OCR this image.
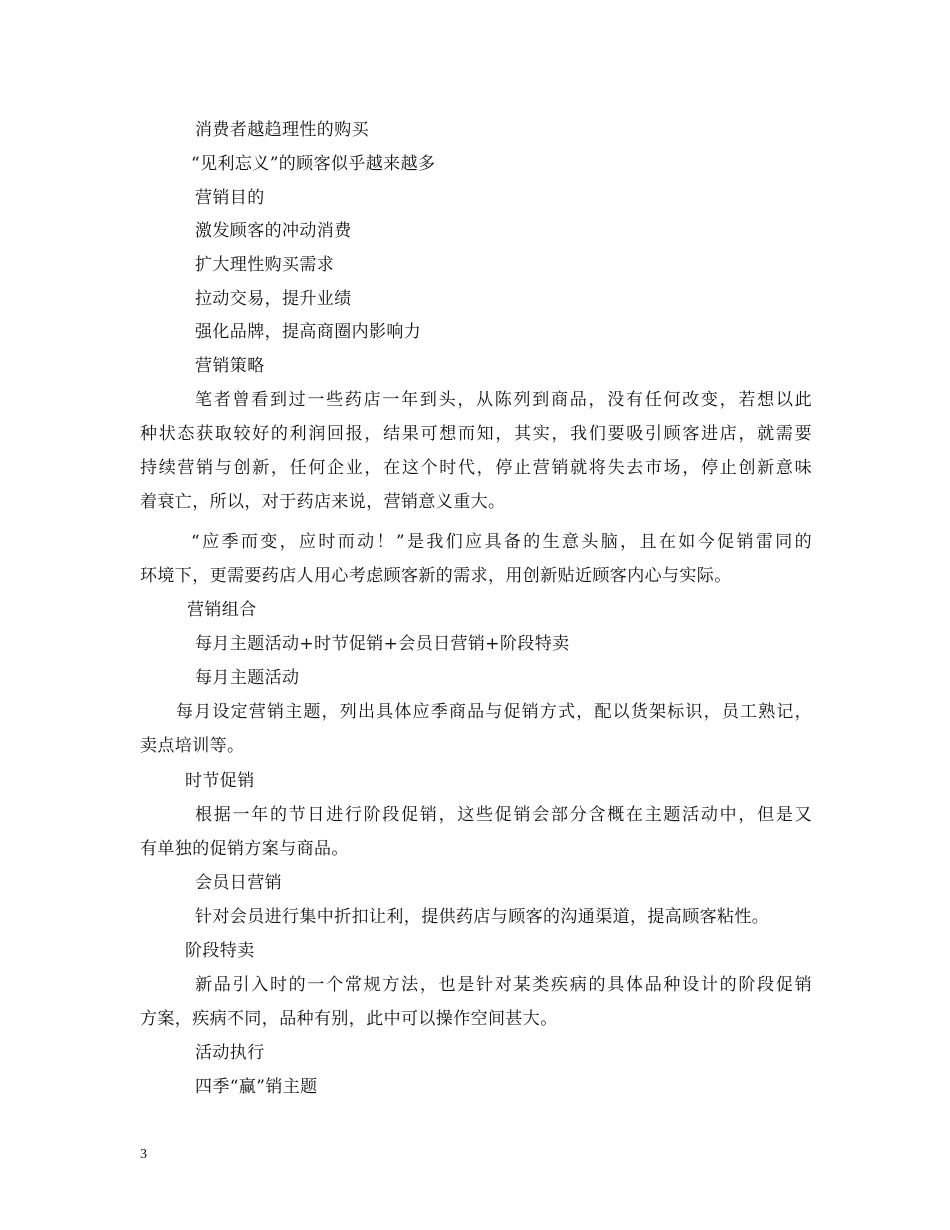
消费者越趋理性的购买
“见利忘义”的顾客似乎越来越多
营销目的
激发顾客的冲动消费
扩大理性购买需求
拉动交易，提升业绩
强化品牌，提高商圈内影响力
营销策略
笔者曾看到过一些药店一年到头，从陈列到商品，没有任何改变，若想以此
种状态获取较好的利润回报，结果可想而知，其实，我们要吸引顾客进店，就需要
持续营销与创新，任何企业，在这个时代，停止营销就将失去市场，停止创新意味
着衰亡，所以，对于药店来说，营销意义重大。
“应季而变，应时而动！”是我们应具备的生意头脑，且在如今促销雷同的
环境下，更需要药店人用心考虑顾客新的需求，用创新贴近顾客内心与实际。
营销组合
每月主题活动+时节促销+会员日营销+阶段特卖
每月主题活动
每月设定营销主题，列出具体应季商品与促销方式，配以货架标识，员工熟记，
卖点培训等。
时节促销
根据一年的节日进行阶段促销，这些促销会部分含概在主题活动中，但是又
有单独的促销方案与商品。
会员日营销
针对会员进行集中折扣让利，提供药店与顾客的沟通渠道，提高顾客粘性。
阶段特卖
新品引入时的一个常规方法，也是针对某类疾病的具体品种设计的阶段促销
方案，疾病不同，品种有别，此中可以操作空间甚大。
活动执行
四季“赢”销主题
3
